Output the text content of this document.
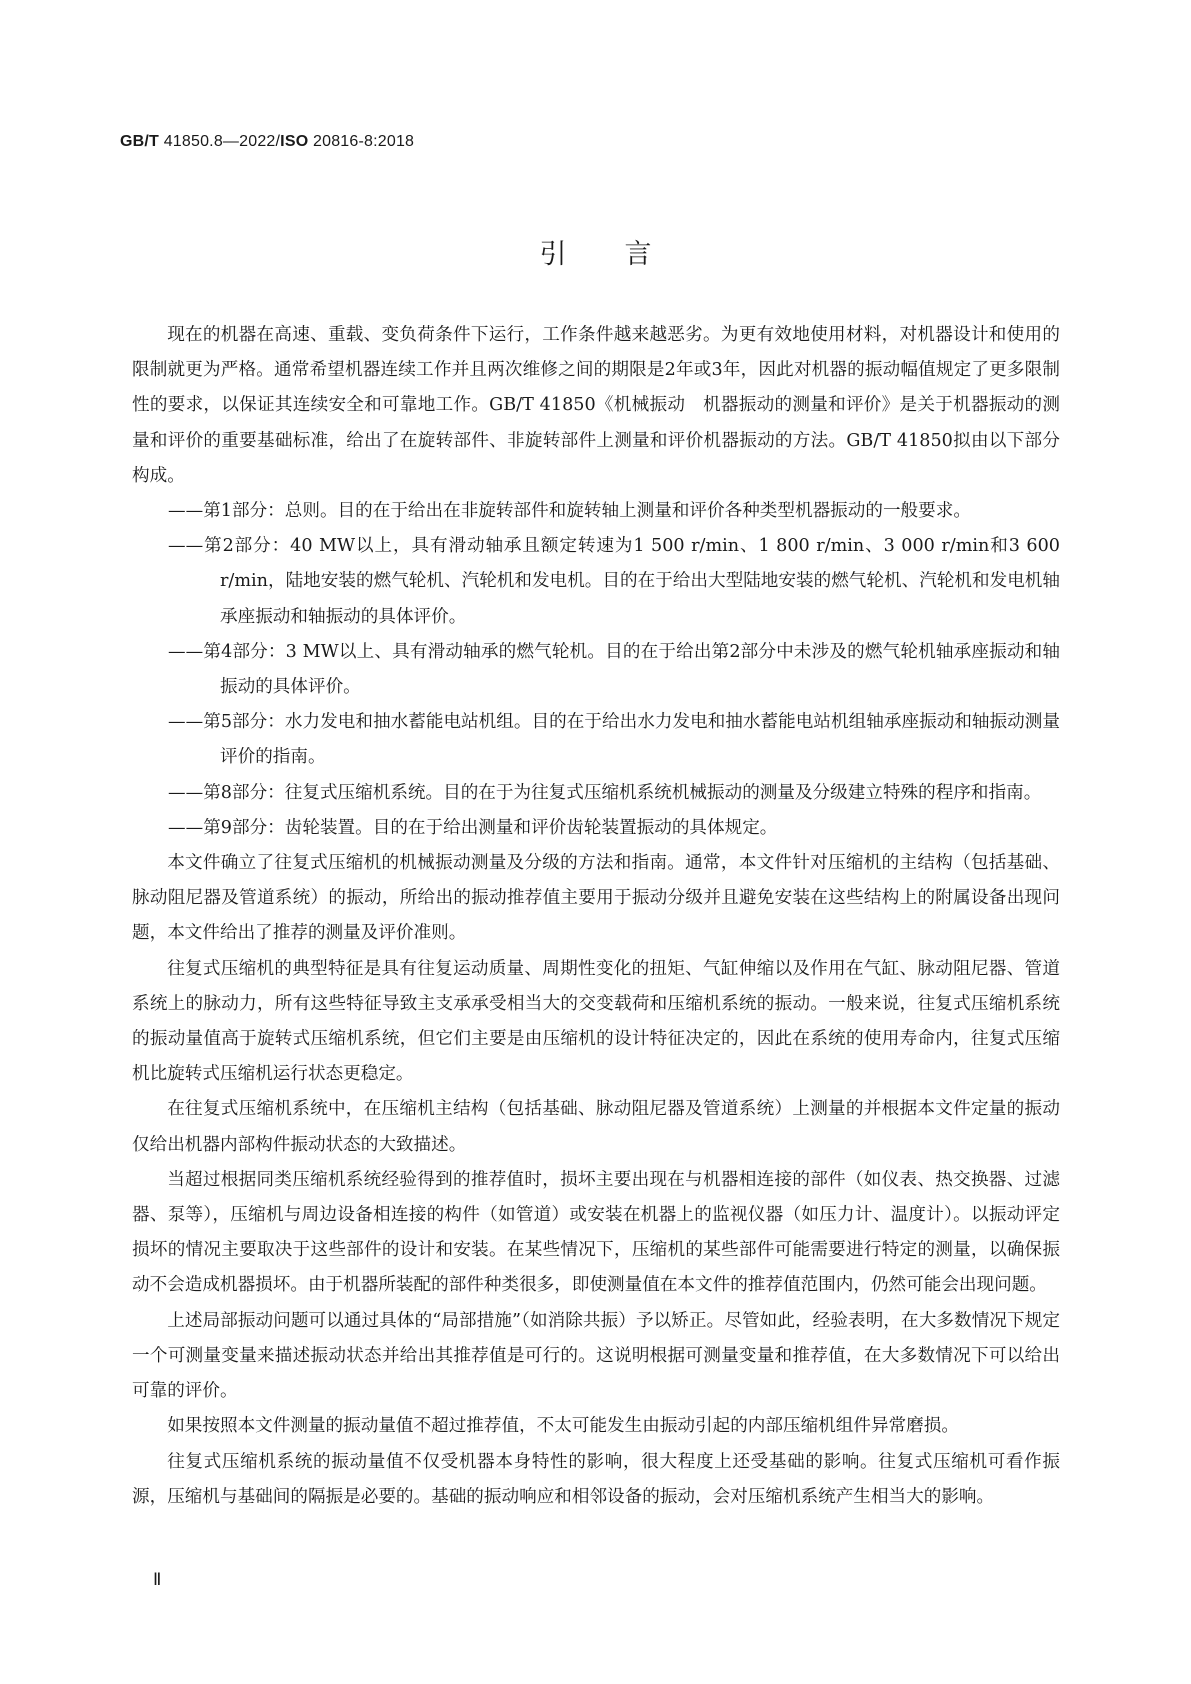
GB/T 41850.8—2022/ISO 20816-8:2018
引言

现在的机器在高速、重载、变负荷条件下运行，工作条件越来越恶劣。为更有效地使用材料，对机器设计和使用的限制就更为严格。通常希望机器连续工作并且两次维修之间的期限是2年或3年，因此对机器的振动幅值规定了更多限制性的要求，以保证其连续安全和可靠地工作。GB/T 41850《机械振动　机器振动的测量和评价》是关于机器振动的测量和评价的重要基础标准，给出了在旋转部件、非旋转部件上测量和评价机器振动的方法。GB/T 41850拟由以下部分构成。

——第1部分：总则。目的在于给出在非旋转部件和旋转轴上测量和评价各种类型机器振动的一般要求。

——第2部分：40 MW以上，具有滑动轴承且额定转速为1 500 r/min、1 800 r/min、3 000 r/min和3 600 r/min，陆地安装的燃气轮机、汽轮机和发电机。目的在于给出大型陆地安装的燃气轮机、汽轮机和发电机轴承座振动和轴振动的具体评价。

——第4部分：3 MW以上、具有滑动轴承的燃气轮机。目的在于给出第2部分中未涉及的燃气轮机轴承座振动和轴振动的具体评价。

——第5部分：水力发电和抽水蓄能电站机组。目的在于给出水力发电和抽水蓄能电站机组轴承座振动和轴振动测量评价的指南。

——第8部分：往复式压缩机系统。目的在于为往复式压缩机系统机械振动的测量及分级建立特殊的程序和指南。

——第9部分：齿轮装置。目的在于给出测量和评价齿轮装置振动的具体规定。

本文件确立了往复式压缩机的机械振动测量及分级的方法和指南。通常，本文件针对压缩机的主结构（包括基础、脉动阻尼器及管道系统）的振动，所给出的振动推荐值主要用于振动分级并且避免安装在这些结构上的附属设备出现问题，本文件给出了推荐的测量及评价准则。

往复式压缩机的典型特征是具有往复运动质量、周期性变化的扭矩、气缸伸缩以及作用在气缸、脉动阻尼器、管道系统上的脉动力，所有这些特征导致主支承承受相当大的交变载荷和压缩机系统的振动。一般来说，往复式压缩机系统的振动量值高于旋转式压缩机系统，但它们主要是由压缩机的设计特征决定的，因此在系统的使用寿命内，往复式压缩机比旋转式压缩机运行状态更稳定。

在往复式压缩机系统中，在压缩机主结构（包括基础、脉动阻尼器及管道系统）上测量的并根据本文件定量的振动仅给出机器内部构件振动状态的大致描述。

当超过根据同类压缩机系统经验得到的推荐值时，损坏主要出现在与机器相连接的部件（如仪表、热交换器、过滤器、泵等），压缩机与周边设备相连接的构件（如管道）或安装在机器上的监视仪器（如压力计、温度计）。以振动评定损坏的情况主要取决于这些部件的设计和安装。在某些情况下，压缩机的某些部件可能需要进行特定的测量，以确保振动不会造成机器损坏。由于机器所装配的部件种类很多，即使测量值在本文件的推荐值范围内，仍然可能会出现问题。

上述局部振动问题可以通过具体的“局部措施”（如消除共振）予以矫正。尽管如此，经验表明，在大多数情况下规定一个可测量变量来描述振动状态并给出其推荐值是可行的。这说明根据可测量变量和推荐值，在大多数情况下可以给出可靠的评价。

如果按照本文件测量的振动量值不超过推荐值，不太可能发生由振动引起的内部压缩机组件异常磨损。

往复式压缩机系统的振动量值不仅受机器本身特性的影响，很大程度上还受基础的影响。往复式压缩机可看作振源，压缩机与基础间的隔振是必要的。基础的振动响应和相邻设备的振动，会对压缩机系统产生相当大的影响。

Ⅱ
